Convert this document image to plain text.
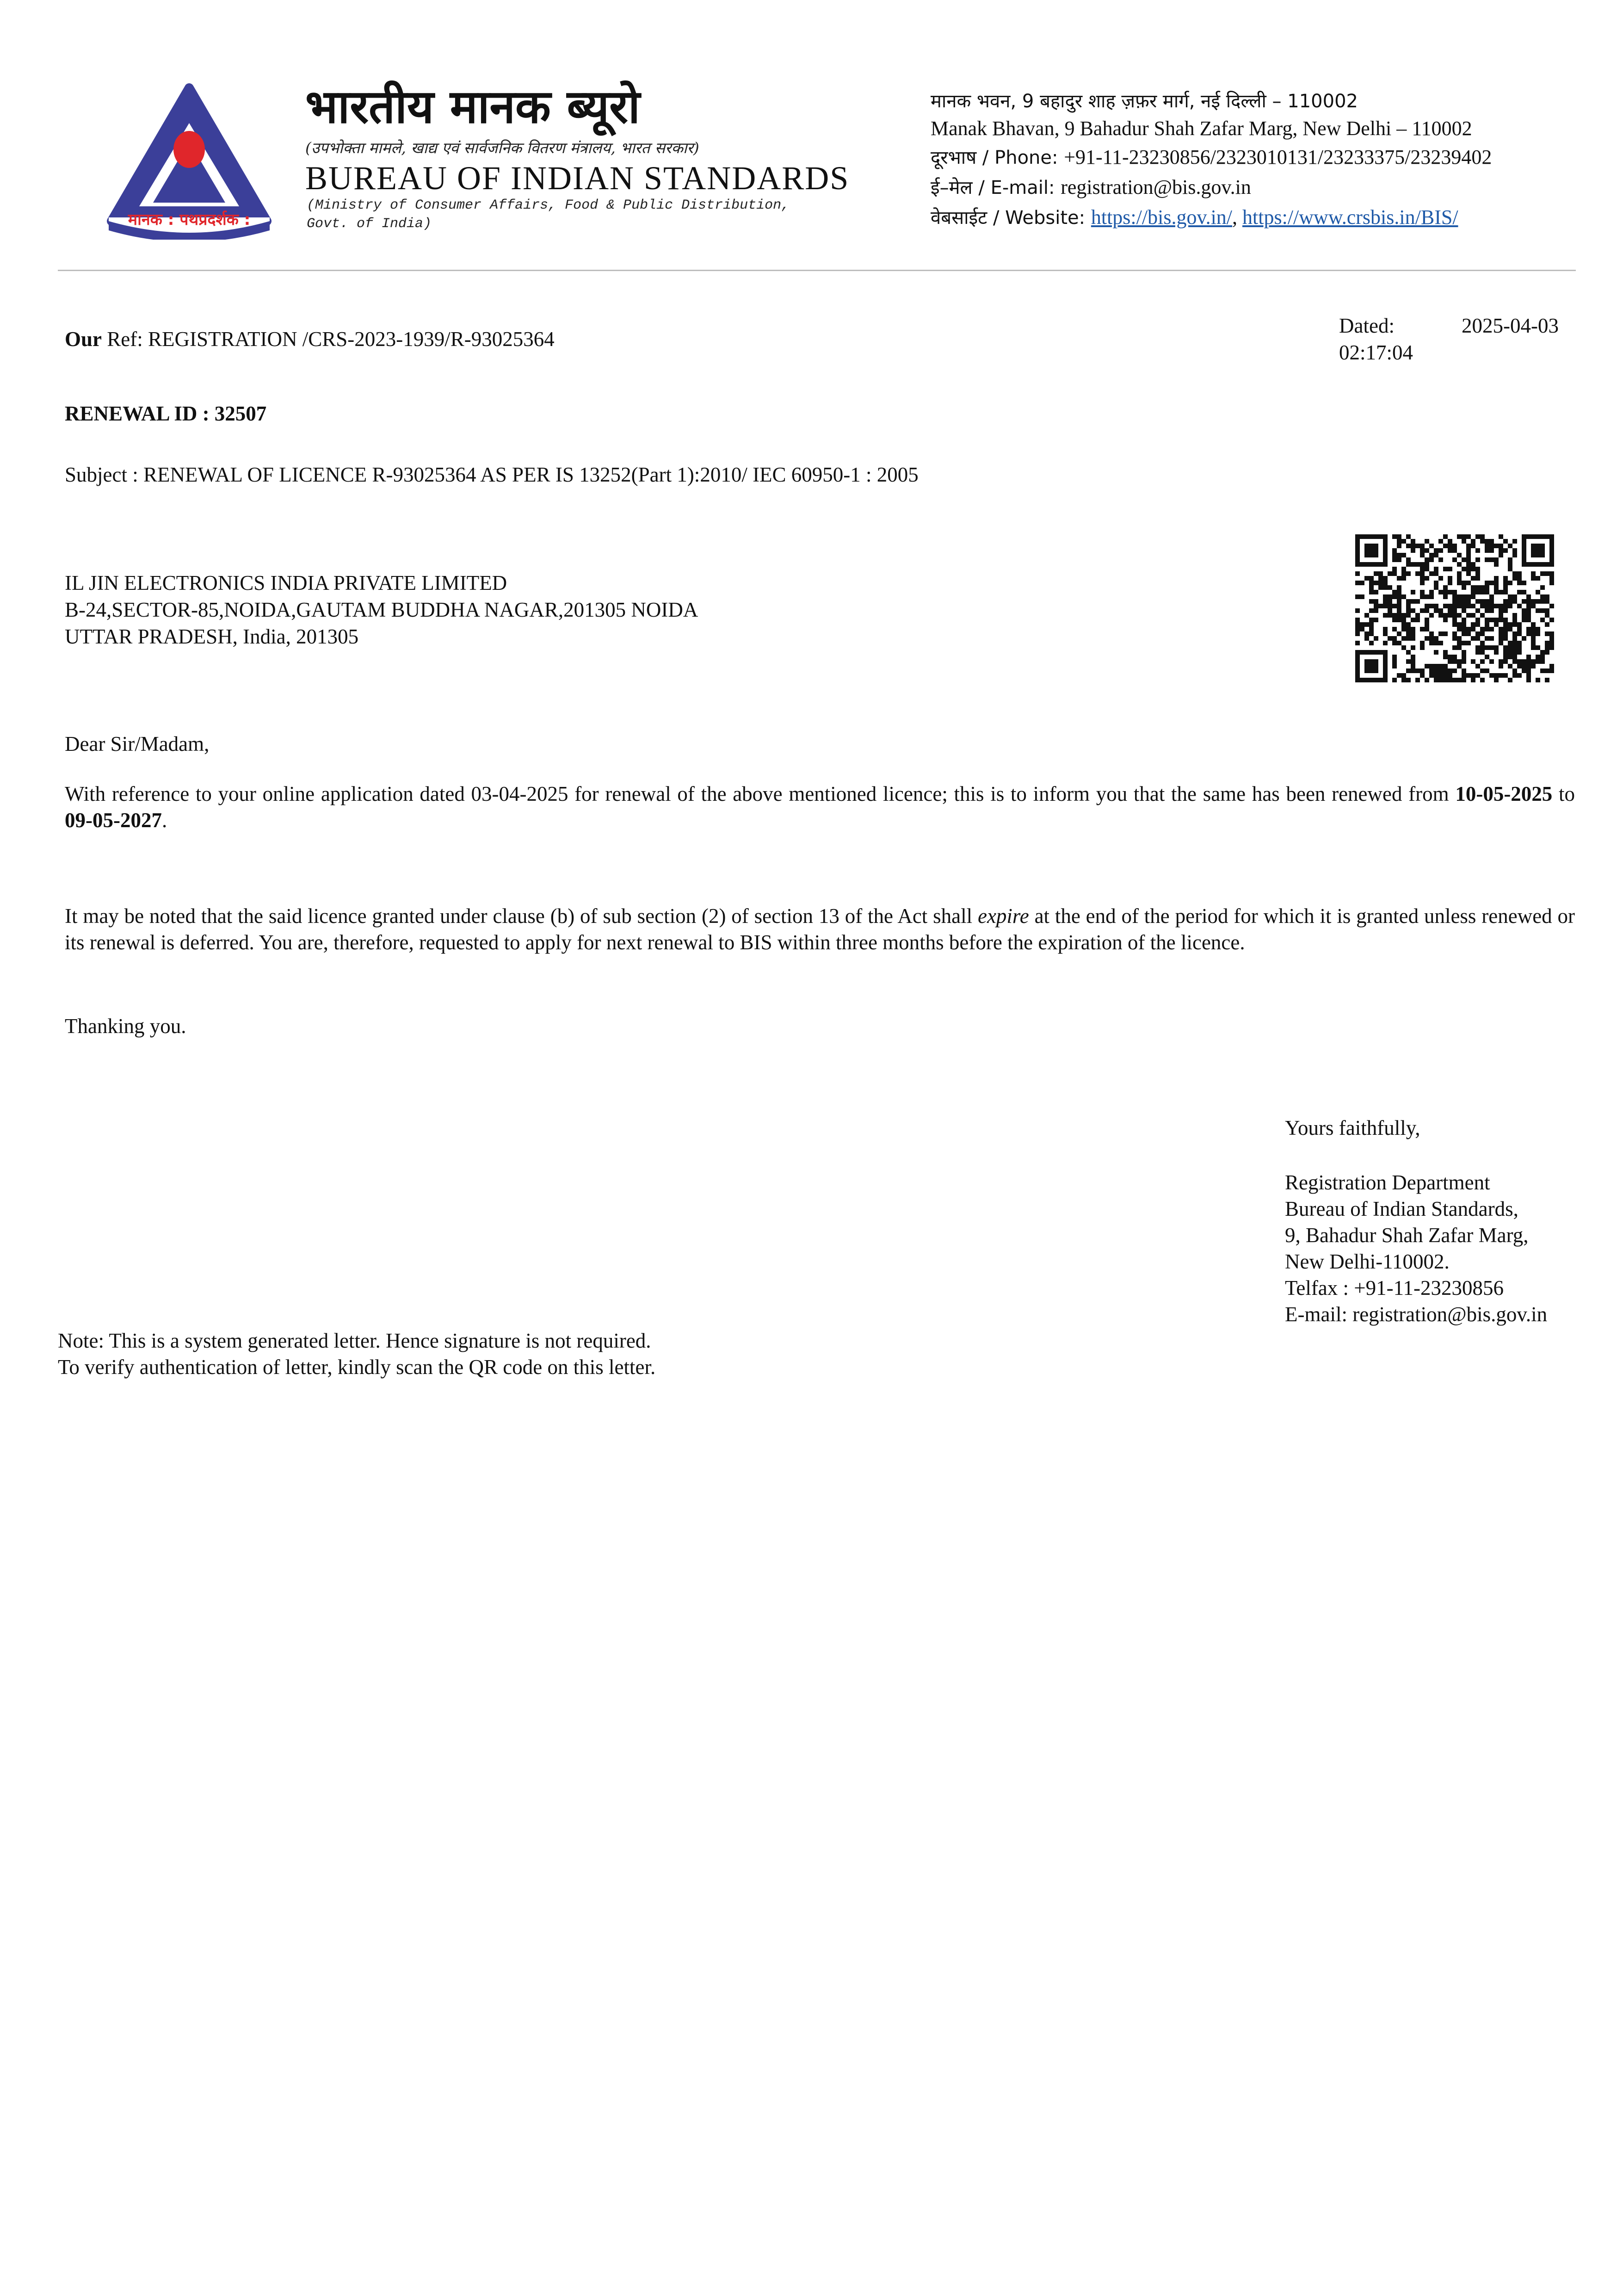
मानक : पथप्रदर्शक :
भारतीय मानक ब्यूरो
(उपभोक्ता मामले, खाद्य एवं सार्वजनिक वितरण मंत्रालय, भारत सरकार)
BUREAU OF INDIAN STANDARDS
(Ministry of Consumer Affairs, Food & Public Distribution,
Govt. of India)
मानक भवन, 9 बहादुर शाह ज़फ़र मार्ग, नई दिल्ली – 110002
Manak Bhavan, 9 Bahadur Shah Zafar Marg, New Delhi – 110002
दूरभाष / Phone: +91-11-23230856/2323010131/23233375/23239402
ई–मेल / E-mail: registration@bis.gov.in
वेबसाईट / Website: https://bis.gov.in/, https://www.crsbis.in/BIS/
Our Ref: REGISTRATION /CRS-2023-1939/R-93025364
Dated:	2025-04-03
02:17:04
RENEWAL ID : 32507
Subject : RENEWAL OF LICENCE R-93025364 AS PER IS 13252(Part 1):2010/ IEC 60950-1 : 2005
IL JIN ELECTRONICS INDIA PRIVATE LIMITED
B-24,SECTOR-85,NOIDA,GAUTAM BUDDHA NAGAR,201305 NOIDA
UTTAR PRADESH, India, 201305
Dear Sir/Madam,
With reference to your online application dated 03-04-2025 for renewal of the above mentioned licence; this is to inform you that the same has been renewed from 10-05-2025 to 09-05-2027.
It may be noted that the said licence granted under clause (b) of sub section (2) of section 13 of the Act shall expire at the end of the period for which it is granted unless renewed or its renewal is deferred. You are, therefore, requested to apply for next renewal to BIS within three months before the expiration of the licence.
Thanking you.
Yours faithfully,
Registration Department
Bureau of Indian Standards,
9, Bahadur Shah Zafar Marg,
New Delhi-110002.
Telfax : +91-11-23230856
E-mail: registration@bis.gov.in
Note: This is a system generated letter. Hence signature is not required.
To verify authentication of letter, kindly scan the QR code on this letter.
